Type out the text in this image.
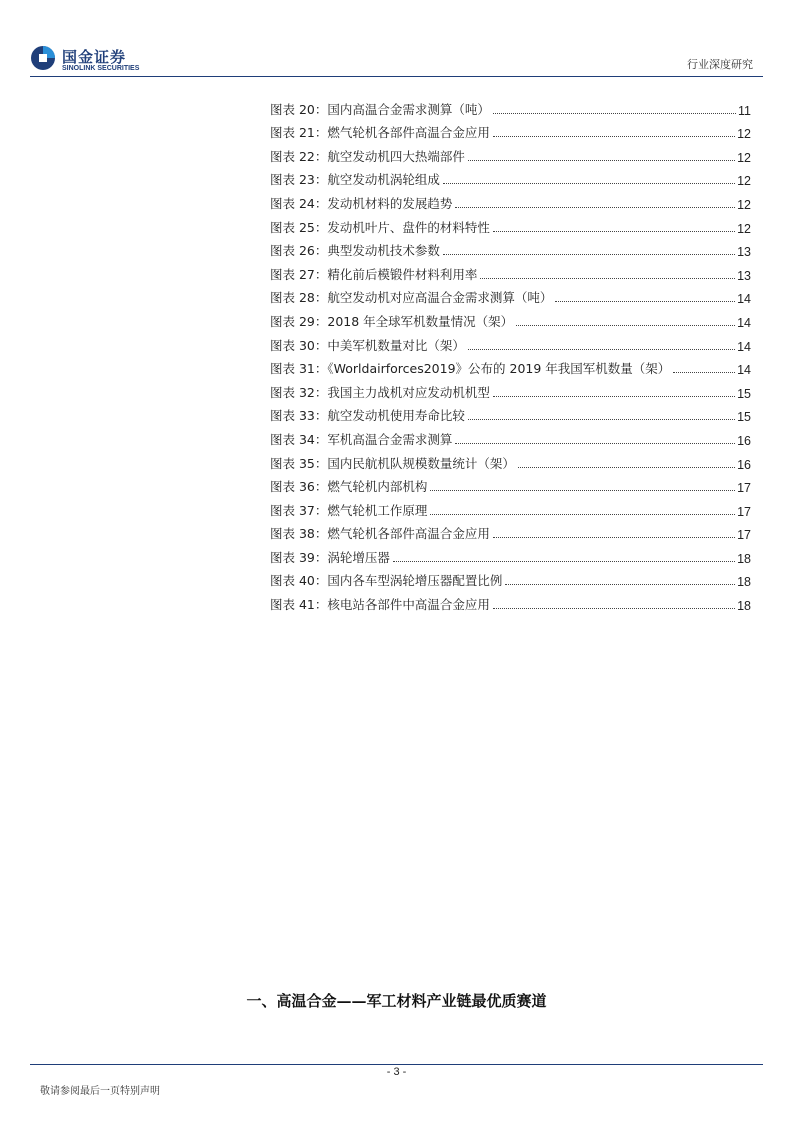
国金证券
SINOLINK SECURITIES	行业深度研究
图表 20：国内高温合金需求测算（吨）	11
图表 21：燃气轮机各部件高温合金应用	12
图表 22：航空发动机四大热端部件	12
图表 23：航空发动机涡轮组成	12
图表 24：发动机材料的发展趋势	12
图表 25：发动机叶片、盘件的材料特性	12
图表 26：典型发动机技术参数	13
图表 27：精化前后模锻件材料利用率	13
图表 28：航空发动机对应高温合金需求测算（吨）	14
图表 29：2018 年全球军机数量情况（架）	14
图表 30：中美军机数量对比（架）	14
图表 31：《Worldairforces2019》公布的 2019 年我国军机数量（架）	14
图表 32：我国主力战机对应发动机机型	15
图表 33：航空发动机使用寿命比较	15
图表 34：军机高温合金需求测算	16
图表 35：国内民航机队规模数量统计（架）	16
图表 36：燃气轮机内部机构	17
图表 37：燃气轮机工作原理	17
图表 38：燃气轮机各部件高温合金应用	17
图表 39：涡轮增压器	18
图表 40：国内各车型涡轮增压器配置比例	18
图表 41：核电站各部件中高温合金应用	18
一、高温合金——军工材料产业链最优质赛道
- 3 -
敬请参阅最后一页特别声明
